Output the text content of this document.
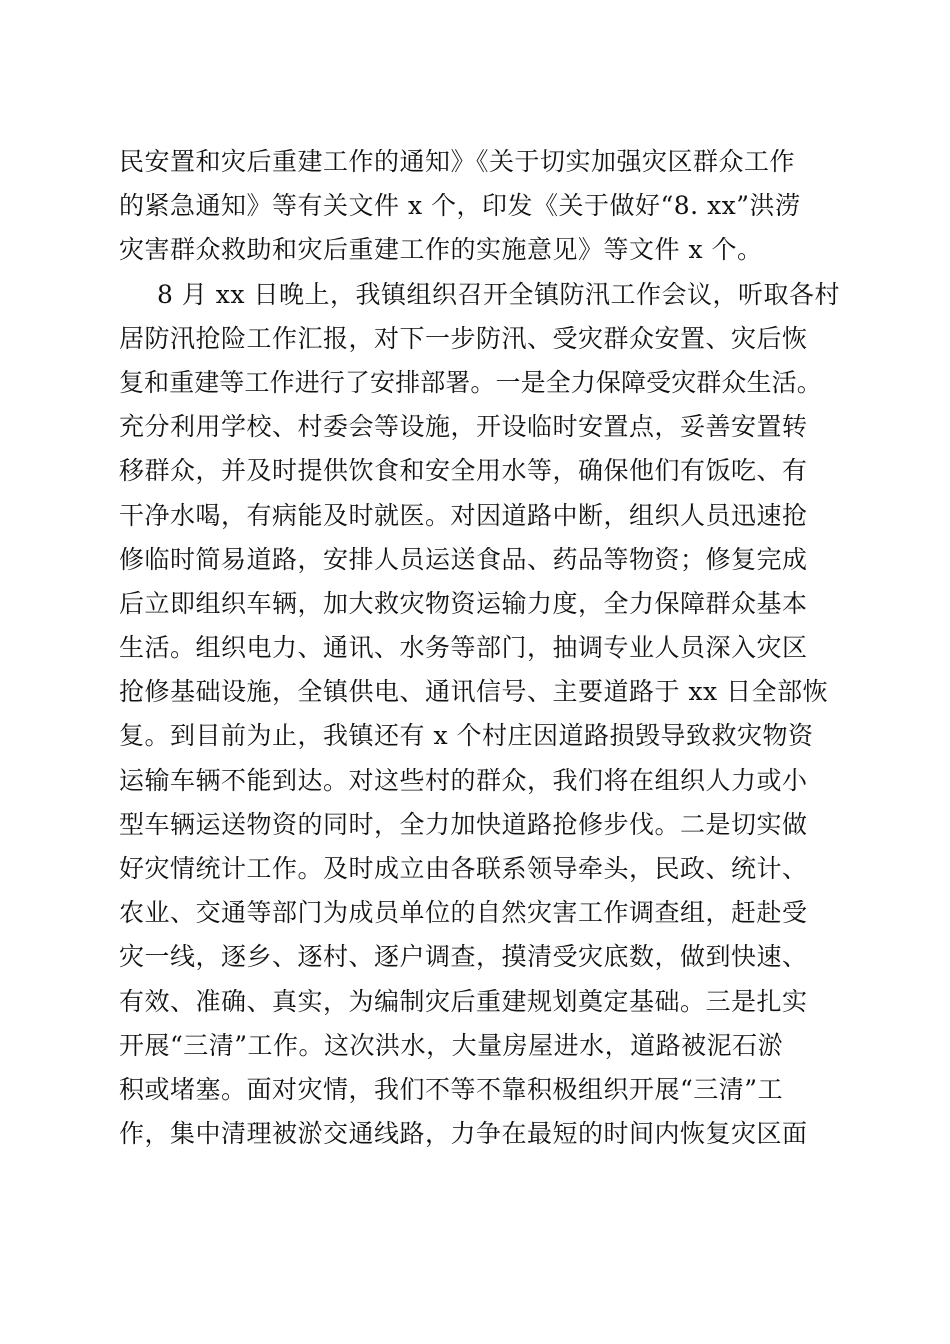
民安置和灾后重建工作的通知》《关于切实加强灾区群众工作
的紧急通知》等有关文件 x 个，印发《关于做好“8. xx”洪涝
灾害群众救助和灾后重建工作的实施意见》等文件 x 个。
8 月 xx 日晚上，我镇组织召开全镇防汛工作会议，听取各村
居防汛抢险工作汇报，对下一步防汛、受灾群众安置、灾后恢
复和重建等工作进行了安排部署。一是全力保障受灾群众生活。
充分利用学校、村委会等设施，开设临时安置点，妥善安置转
移群众，并及时提供饮食和安全用水等，确保他们有饭吃、有
干净水喝，有病能及时就医。对因道路中断，组织人员迅速抢
修临时简易道路，安排人员运送食品、药品等物资；修复完成
后立即组织车辆，加大救灾物资运输力度，全力保障群众基本
生活。组织电力、通讯、水务等部门，抽调专业人员深入灾区
抢修基础设施，全镇供电、通讯信号、主要道路于 xx 日全部恢
复。到目前为止，我镇还有 x 个村庄因道路损毁导致救灾物资
运输车辆不能到达。对这些村的群众，我们将在组织人力或小
型车辆运送物资的同时，全力加快道路抢修步伐。二是切实做
好灾情统计工作。及时成立由各联系领导牵头，民政、统计、
农业、交通等部门为成员单位的自然灾害工作调查组，赶赴受
灾一线，逐乡、逐村、逐户调查，摸清受灾底数，做到快速、
有效、准确、真实，为编制灾后重建规划奠定基础。三是扎实
开展“三清”工作。这次洪水，大量房屋进水，道路被泥石淤
积或堵塞。面对灾情，我们不等不靠积极组织开展“三清”工
作，集中清理被淤交通线路，力争在最短的时间内恢复灾区面
